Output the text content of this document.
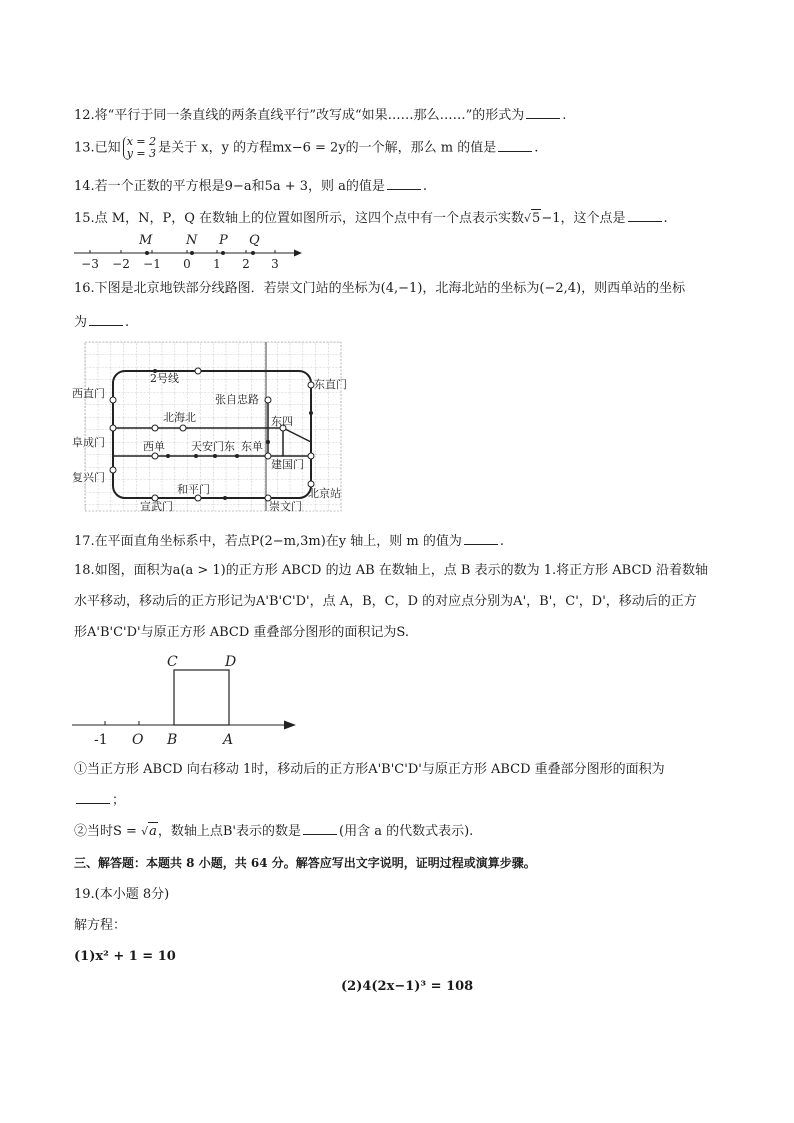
12.将“平行于同一条直线的两条直线平行”改写成“如果……那么……”的形式为	.
13.已知 x = 2
y = 3 是关于 x，y 的方程mx−6 = 2y的一个解，那么 m 的值是	.
14.若一个正数的平方根是9−a和5a + 3，则 a的值是	.
15.点 M，N，P，Q 在数轴上的位置如图所示，这四个点中有一个点表示实数√5−1，这个点是	.
M	N P Q
−3 −2 −1 0 1 2 3
16.下图是北京地铁部分线路图．若崇文门站的坐标为(4,−1)，北海北站的坐标为(−2,4)，则西单站的坐标
为	.
2号线
西直门
东直门
张自忠路
北海北	东四
阜成门	西单 天安门东 东单
建国门
复兴门
和平门
宣武门	崇文门
北京站
17.在平面直角坐标系中，若点P(2−m,3m)在y 轴上，则 m 的值为	.
18.如图，面积为a(a > 1)的正方形 ABCD 的边 AB 在数轴上，点 B 表示的数为 1.将正方形 ABCD 沿着数轴
水平移动，移动后的正方形记为A'B'C'D'，点 A，B，C，D 的对应点分别为A'，B'，C'，D'，移动后的正方
形A'B'C'D'与原正方形 ABCD 重叠部分图形的面积记为S.
C	D
-1 O B	A
①当正方形 ABCD 向右移动 1时，移动后的正方形A'B'C'D'与原正方形 ABCD 重叠部分图形的面积为
；
②当时S = √a，数轴上点B'表示的数是	(用含 a 的代数式表示).
三、解答题：本题共 8 小题，共 64 分。解答应写出文字说明，证明过程或演算步骤。
19.(本小题 8分)
解方程：
(1)x² + 1 = 10
(2)4(2x−1)³ = 108
